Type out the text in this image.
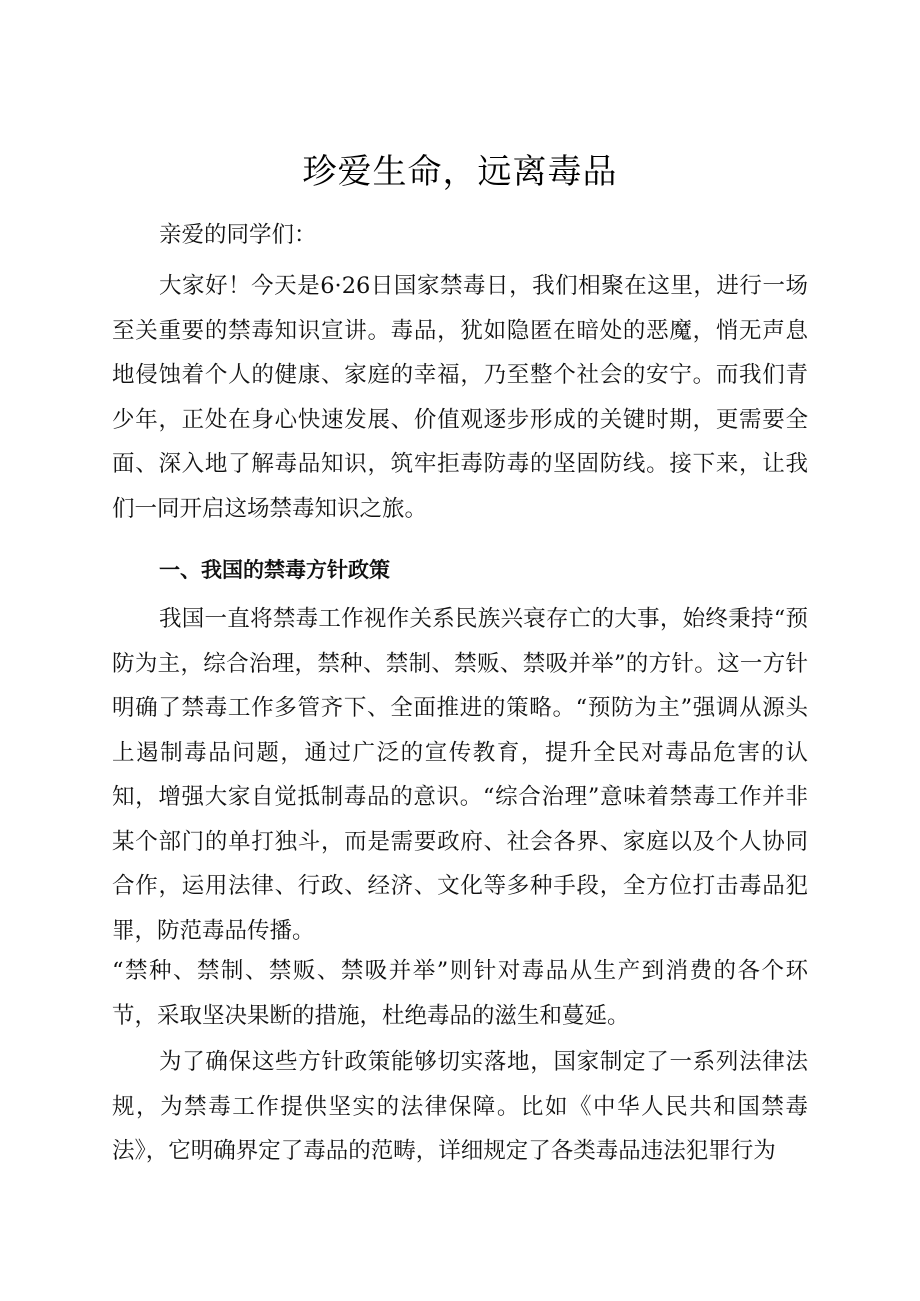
珍爱生命，远离毒品

亲爱的同学们：

大家好！今天是6·26日国家禁毒日，我们相聚在这里，进行一场至关重要的禁毒知识宣讲。毒品，犹如隐匿在暗处的恶魔，悄无声息地侵蚀着个人的健康、家庭的幸福，乃至整个社会的安宁。而我们青少年，正处在身心快速发展、价值观逐步形成的关键时期，更需要全面、深入地了解毒品知识，筑牢拒毒防毒的坚固防线。接下来，让我们一同开启这场禁毒知识之旅。

一、我国的禁毒方针政策

我国一直将禁毒工作视作关系民族兴衰存亡的大事，始终秉持“预防为主，综合治理，禁种、禁制、禁贩、禁吸并举”的方针。这一方针明确了禁毒工作多管齐下、全面推进的策略。“预防为主”强调从源头上遏制毒品问题，通过广泛的宣传教育，提升全民对毒品危害的认知，增强大家自觉抵制毒品的意识。“综合治理”意味着禁毒工作并非某个部门的单打独斗，而是需要政府、社会各界、家庭以及个人协同合作，运用法律、行政、经济、文化等多种手段，全方位打击毒品犯罪，防范毒品传播。

“禁种、禁制、禁贩、禁吸并举”则针对毒品从生产到消费的各个环节，采取坚决果断的措施，杜绝毒品的滋生和蔓延。

为了确保这些方针政策能够切实落地，国家制定了一系列法律法规，为禁毒工作提供坚实的法律保障。比如《中华人民共和国禁毒法》，它明确界定了毒品的范畴，详细规定了各类毒品违法犯罪行为
